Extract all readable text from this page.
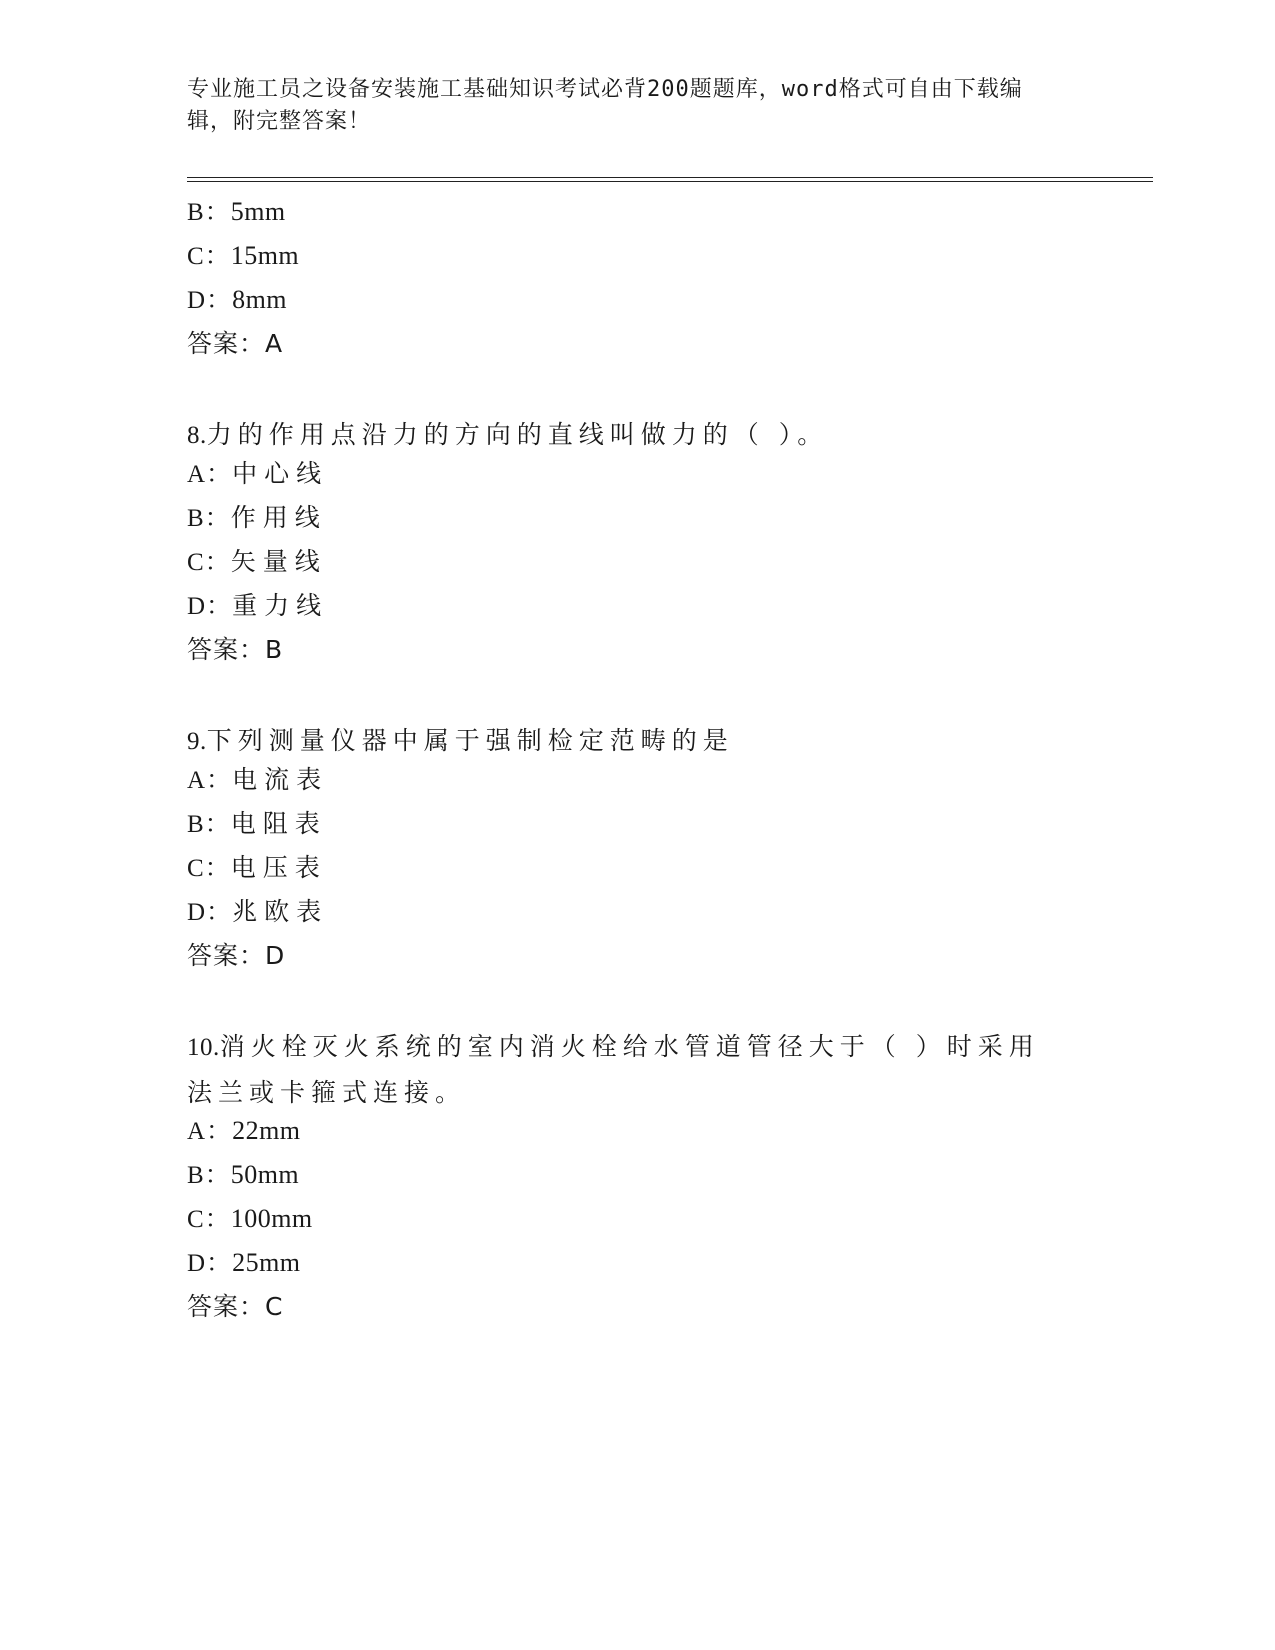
专业施工员之设备安装施工基础知识考试必背200题题库，word格式可自由下载编辑，附完整答案！
B：5mm
C：15mm
D：8mm
答案：A
8.力的作用点沿力的方向的直线叫做力的（ ）。
A：中心线
B：作用线
C：矢量线
D：重力线
答案：B
9.下列测量仪器中属于强制检定范畴的是
A：电流表
B：电阻表
C：电压表
D：兆欧表
答案：D
10.消火栓灭火系统的室内消火栓给水管道管径大于（ ）时采用法兰或卡箍式连接。
A：22mm
B：50mm
C：100mm
D：25mm
答案：C
